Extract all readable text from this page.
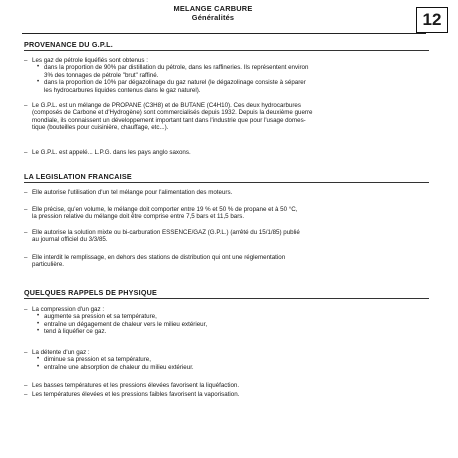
MELANGE CARBURE
Généralités	12

PROVENANCE DU G.P.L.

– Les gaz de pétrole liquéfiés sont obtenus :
• dans la proportion de 90% par distillation du pétrole, dans les raffineries. Ils représentent environ
3% des tonnages de pétrole "brut" raffiné.
• dans la proportion de 10% par dégazolinage du gaz naturel (le dégazolinage consiste à séparer
les hydrocarbures liquides contenus dans le gaz naturel).
– Le G.P.L. est un mélange de PROPANE (C3H8) et de BUTANE (C4H10). Ces deux hydrocarbures
(composés de Carbone et d'Hydrogène) sont commercialisés depuis 1932. Depuis la deuxième guerre
mondiale, ils connaissent un développement important tant dans l'industrie que pour l'usage domes-
tique (bouteilles pour cuisinière, chauffage, etc...).
– Le G.P.L. est appelé... L.P.G. dans les pays anglo saxons.

LA LEGISLATION FRANCAISE

– Elle autorise l'utilisation d'un tel mélange pour l'alimentation des moteurs.
– Elle précise, qu'en volume, le mélange doit comporter entre 19 % et 50 % de propane et à 50 °C,
la pression relative du mélange doit être comprise entre 7,5 bars et 11,5 bars.
– Elle autorise la solution mixte ou bi-carburation ESSENCE/GAZ (G.P.L.) (arrêté du 15/1/85) publié
au journal officiel du 3/3/85.
– Elle interdit le remplissage, en dehors des stations de distribution qui ont une réglementation
particulière.

QUELQUES RAPPELS DE PHYSIQUE

– La compression d'un gaz :
• augmente sa pression et sa température,
• entraîne un dégagement de chaleur vers le milieu extérieur,
• tend à liquéfier ce gaz.
– La détente d'un gaz :
• diminue sa pression et sa température,
• entraîne une absorption de chaleur du milieu extérieur.
– Les basses températures et les pressions élevées favorisent la liquéfaction.
– Les températures élevées et les pressions faibles favorisent la vaporisation.
